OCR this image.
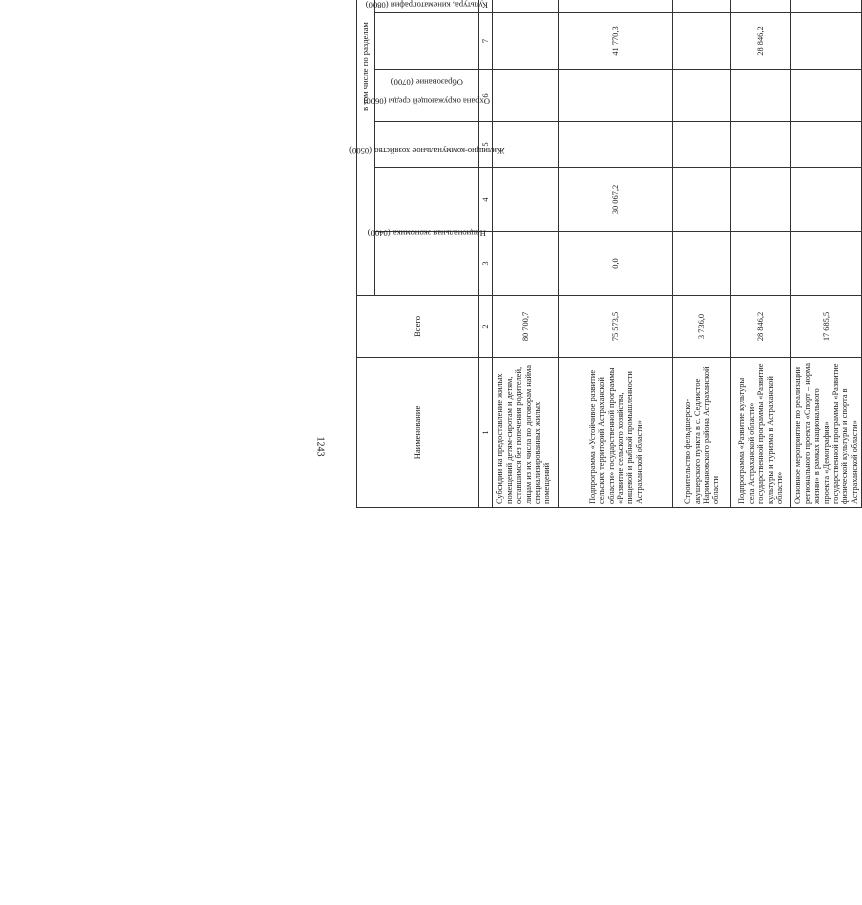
1243	Наименование	Всего	в том числе по разделам	
		Национальная экономика (0400)	Жилищно-коммунальное хозяйство (0500)	Охрана окружающей среды (0600)	Образование (0700)	Культура, кинематография (0800)			
1	2	3	4	5	6	7				
Субсидии на предоставление жилых помещений детям-сиротам и детям, оставшимся без попечения родителей, лицам из их числа по договорам найма специализированных жилых помещений	80 700,7									
Подпрограмма «Устойчивое развитие сельских территорий Астраханской области» государственной программы «Развитие сельского хозяйства, пищевой и рыбной промышленности Астраханской области»	75 573,5	0,0	30 067,2			41 770,3				
Строительство фельдшерско-акушерского пункта в с. Седлистое Наримановского района Астраханской области	3 736,0									
Подпрограмма «Развитие культуры села Астраханской области» государственной программы «Развитие культуры и туризма в Астраханской области»	28 846,2					28 846,2				
Основное мероприятие по реализации регионального проекта «Спорт – норма жизни» в рамках национального проекта «Демография» государственной программы «Развитие физической культуры и спорта в Астраханской области»	17 685,5									
